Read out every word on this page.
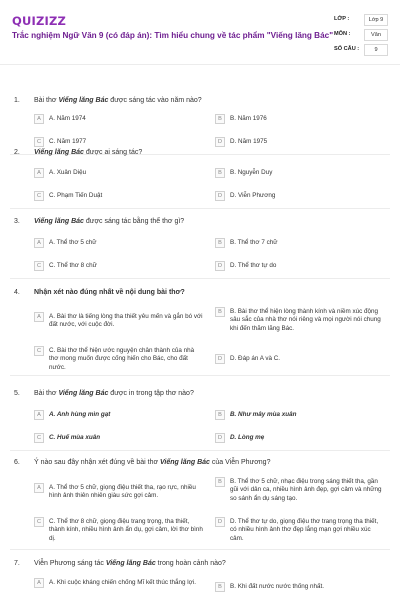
QUIZIZZ
Trắc nghiệm Ngữ Văn 9 (có đáp án): Tìm hiểu chung về tác phẩm "Viếng lăng Bác"
LỚP :	Lớp 9
MÔN :	Văn
SỐ CÂU :	9
1. Bài thơ Viếng lăng Bác được sáng tác vào năm nào?
A	A. Năm 1974	B	B. Năm 1976
C	C. Năm 1977	D	D. Năm 1975
2. Viếng lăng Bác được ai sáng tác?
A	A. Xuân Diệu	B	B. Nguyễn Duy
C	C. Phạm Tiến Duật	D	D. Viễn Phương
3. Viếng lăng Bác được sáng tác bằng thể thơ gì?
A	A. Thể thơ 5 chữ	B	B. Thể thơ 7 chữ
C	C. Thể thơ 8 chữ	D	D. Thể thơ tự do
4. Nhận xét nào đúng nhất về nội dung bài thơ?
A	A. Bài thơ là tiếng lòng tha thiết yêu mến và gắn bó với đất nước, với cuộc đời.
B	B. Bài thơ thể hiện lòng thành kính và niềm xúc động sâu sắc của nhà thơ nói riêng và mọi người nói chung khi đến thăm lăng Bác.
C	C. Bài thơ thể hiện ước nguyện chân thành của nhà thơ mong muốn được cống hiến cho Bác, cho đất nước.
D	D. Đáp án A và C.
5. Bài thơ Viếng lăng Bác được in trong tập thơ nào?
A	A. Anh hùng mìn gạt	B	B. Như mây mùa xuân
C	C. Huế mùa xuân	D	D. Lòng mẹ
6. Ý nào sau đây nhận xét đúng về bài thơ Viếng lăng Bác của Viễn Phương?
A	A. Thể thơ 5 chữ, giọng điệu thiết tha, rạo rực, nhiều hình ảnh thiên nhiên giàu sức gợi cảm.
B	B. Thể thơ 5 chữ, nhạc điệu trong sáng thiết tha, gần gũi với dân ca, nhiều hình ảnh đẹp, gợi cảm và những so sánh ẩn dụ sáng tạo.
C	C. Thể thơ 8 chữ, giọng điệu trang trọng, tha thiết, thành kính, nhiều hình ảnh ẩn dụ, gợi cảm, lời thơ bình dị.
D	D. Thể thơ tự do, giọng điệu thơ trang trọng tha thiết, có nhiều hình ảnh thơ đẹp lắng mạn gợi nhiều xúc cảm.
7. Viễn Phương sáng tác Viếng lăng Bác trong hoàn cảnh nào?
A	A. Khi cuộc kháng chiến chống Mĩ kết thúc thắng lợi.
B	B. Khi đất nước nước thống nhất.
